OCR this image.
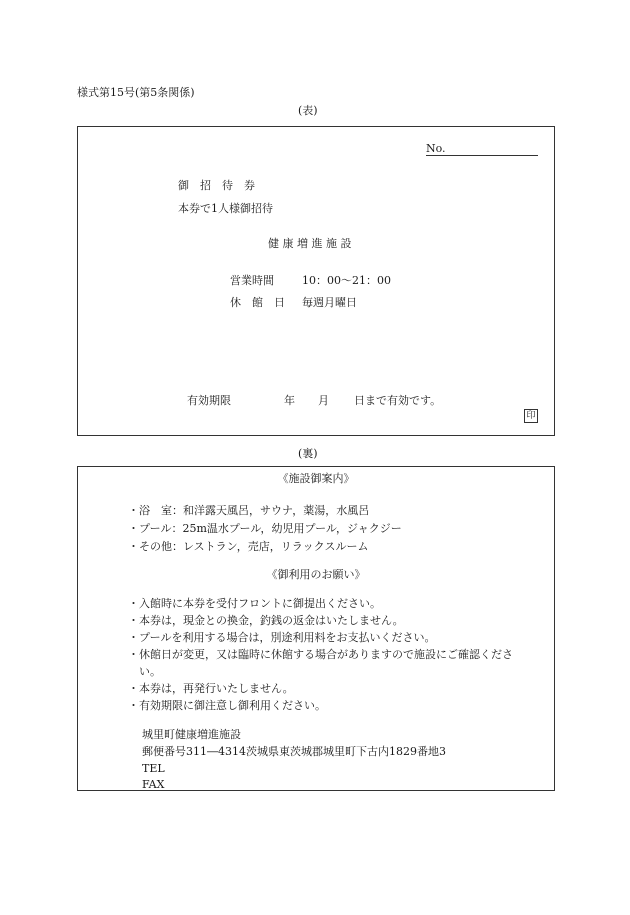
様式第15号(第5条関係)
(表)
No.
御　招　待　券
本券で1人様御招待
健 康 増 進 施 設
営業時間	10：00～21：00
休　館　日 毎週月曜日
有効期限	年 月 日まで有効です。
印
(裏)
《施設御案内》
・浴　室：和洋露天風呂，サウナ，薬湯，水風呂
・プール：25m温水プール，幼児用プール，ジャクジー
・その他：レストラン，売店，リラックスルーム
《御利用のお願い》
・入館時に本券を受付フロントに御提出ください。
・本券は，現金との換金，釣銭の返金はいたしません。
・プールを利用する場合は，別途利用料をお支払いください。
・休館日が変更，又は臨時に休館する場合がありますので施設にご確認くださ
　い。
・本券は，再発行いたしません。
・有効期限に御注意し御利用ください。
城里町健康増進施設
郵便番号311―4314茨城県東茨城郡城里町下古内1829番地3
TEL
FAX
